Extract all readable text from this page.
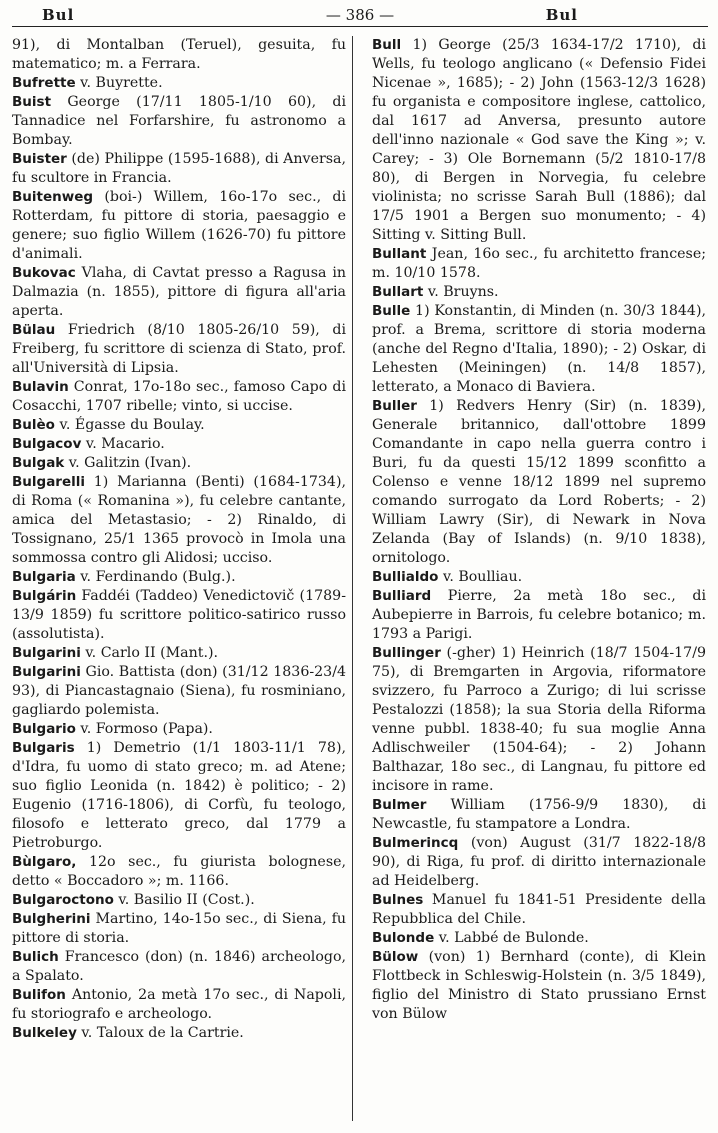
Bul	— 386 —	Bul

91), di Montalban (Teruel), gesuita, fu matematico; m. a Ferrara.

Bufrette v. Buyrette.

Buist George (17/11 1805-1/10 60), di Tannadice nel Forfarshire, fu astronomo a Bombay.

Buister (de) Philippe (1595-1688), di Anversa, fu scultore in Francia.

Buitenweg (boi-) Willem, 16o-17o sec., di Rotterdam, fu pittore di storia, paesaggio e genere; suo figlio Willem (1626-70) fu pittore d'animali.

Bukovac Vlaha, di Cavtat presso a Ragusa in Dalmazia (n. 1855), pittore di figura all'aria aperta.

Bülau Friedrich (8/10 1805-26/10 59), di Freiberg, fu scrittore di scienza di Stato, prof. all'Università di Lipsia.

Bulavin Conrat, 17o-18o sec., famoso Capo di Cosacchi, 1707 ribelle; vinto, si uccise.

Bulèo v. Égasse du Boulay.

Bulgacov v. Macario.

Bulgak v. Galitzin (Ivan).

Bulgarelli 1) Marianna (Benti) (1684-1734), di Roma (« Romanina »), fu celebre cantante, amica del Metastasio; - 2) Rinaldo, di Tossignano, 25/1 1365 provocò in Imola una sommossa contro gli Alidosi; ucciso.

Bulgaria v. Ferdinando (Bulg.).

Bulgárin Faddéi (Taddeo) Venedictovič (1789-13/9 1859) fu scrittore politico-satirico russo (assolutista).

Bulgarini v. Carlo II (Mant.).

Bulgarini Gio. Battista (don) (31/12 1836-23/4 93), di Piancastagnaio (Siena), fu rosminiano, gagliardo polemista.

Bulgario v. Formoso (Papa).

Bulgaris 1) Demetrio (1/1 1803-11/1 78), d'Idra, fu uomo di stato greco; m. ad Atene; suo figlio Leonida (n. 1842) è politico; - 2) Eugenio (1716-1806), di Corfù, fu teologo, filosofo e letterato greco, dal 1779 a Pietroburgo.

Bùlgaro, 12o sec., fu giurista bolognese, detto « Boccadoro »; m. 1166.

Bulgaroctono v. Basilio II (Cost.).

Bulgherini Martino, 14o-15o sec., di Siena, fu pittore di storia.

Bulich Francesco (don) (n. 1846) archeologo, a Spalato.

Bulifon Antonio, 2a metà 17o sec., di Napoli, fu storiografo e archeologo.

Bulkeley v. Taloux de la Cartrie.

Bull 1) George (25/3 1634-17/2 1710), di Wells, fu teologo anglicano (« Defensio Fidei Nicenae », 1685); - 2) John (1563-12/3 1628) fu organista e compositore inglese, cattolico, dal 1617 ad Anversa, presunto autore dell'inno nazionale « God save the King »; v. Carey; - 3) Ole Bornemann (5/2 1810-17/8 80), di Bergen in Norvegia, fu celebre violinista; no scrisse Sarah Bull (1886); dal 17/5 1901 a Bergen suo monumento; - 4) Sitting v. Sitting Bull.

Bullant Jean, 16o sec., fu architetto francese; m. 10/10 1578.

Bullart v. Bruyns.

Bulle 1) Konstantin, di Minden (n. 30/3 1844), prof. a Brema, scrittore di storia moderna (anche del Regno d'Italia, 1890); - 2) Oskar, di Lehesten (Meiningen) (n. 14/8 1857), letterato, a Monaco di Baviera.

Buller 1) Redvers Henry (Sir) (n. 1839), Generale britannico, dall'ottobre 1899 Comandante in capo nella guerra contro i Buri, fu da questi 15/12 1899 sconfitto a Colenso e venne 18/12 1899 nel supremo comando surrogato da Lord Roberts; - 2) William Lawry (Sir), di Newark in Nova Zelanda (Bay of Islands) (n. 9/10 1838), ornitologo.

Bullialdo v. Boulliau.

Bulliard Pierre, 2a metà 18o sec., di Aubepierre in Barrois, fu celebre botanico; m. 1793 a Parigi.

Bullinger (-gher) 1) Heinrich (18/7 1504-17/9 75), di Bremgarten in Argovia, riformatore svizzero, fu Parroco a Zurigo; di lui scrisse Pestalozzi (1858); la sua Storia della Riforma venne pubbl. 1838-40; fu sua moglie Anna Adlischweiler (1504-64); - 2) Johann Balthazar, 18o sec., di Langnau, fu pittore ed incisore in rame.

Bulmer William (1756-9/9 1830), di Newcastle, fu stampatore a Londra.

Bulmerincq (von) August (31/7 1822-18/8 90), di Riga, fu prof. di diritto internazionale ad Heidelberg.

Bulnes Manuel fu 1841-51 Presidente della Repubblica del Chile.

Bulonde v. Labbé de Bulonde.

Bülow (von) 1) Bernhard (conte), di Klein Flottbeck in Schleswig-Holstein (n. 3/5 1849), figlio del Ministro di Stato prussiano Ernst von Bülow
